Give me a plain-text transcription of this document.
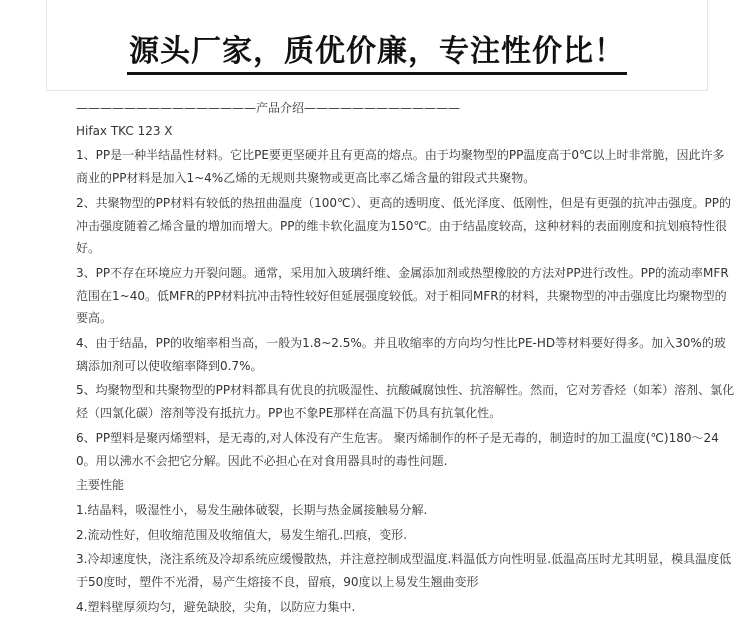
源头厂家，质优价廉，专注性价比！

———————————————产品介绍—————————————

Hifax TKC 123 X

1、PP是一种半结晶性材料。它比PE要更坚硬并且有更高的熔点。由于均聚物型的PP温度高于0℃以上时非常脆，因此许多商业的PP材料是加入1~4%乙烯的无规则共聚物或更高比率乙烯含量的钳段式共聚物。

2、共聚物型的PP材料有较低的热扭曲温度（100℃）、更高的透明度、低光泽度、低刚性，但是有更强的抗冲击强度。PP的冲击强度随着乙烯含量的增加而增大。PP的维卡软化温度为150℃。由于结晶度较高，这种材料的表面刚度和抗划痕特性很好。

3、PP不存在环境应力开裂问题。通常，采用加入玻璃纤维、金属添加剂或热塑橡胶的方法对PP进行改性。PP的流动率MFR范围在1~40。低MFR的PP材料抗冲击特性较好但延展强度较低。对于相同MFR的材料，共聚物型的冲击强度比均聚物型的要高。

4、由于结晶，PP的收缩率相当高，一般为1.8~2.5%。并且收缩率的方向均匀性比PE-HD等材料要好得多。加入30%的玻璃添加剂可以使收缩率降到0.7%。

5、均聚物型和共聚物型的PP材料都具有优良的抗吸湿性、抗酸碱腐蚀性、抗溶解性。然而，它对芳香烃（如苯）溶剂、氯化烃（四氯化碳）溶剂等没有抵抗力。PP也不象PE那样在高温下仍具有抗氧化性。

6、PP塑料是聚丙烯塑料，是无毒的,对人体没有产生危害。 聚丙烯制作的杯子是无毒的，制造时的加工温度(℃)180～240。用以沸水不会把它分解。因此不必担心在对食用器具时的毒性问题.

主要性能

1.结晶料，吸湿性小，易发生融体破裂，长期与热金属接触易分解.

2.流动性好，但收缩范围及收缩值大，易发生缩孔.凹痕，变形.

3.冷却速度快，浇注系统及冷却系统应缓慢散热，并注意控制成型温度.料温低方向性明显.低温高压时尤其明显，模具温度低于50度时，塑件不光滑，易产生熔接不良，留痕，90度以上易发生翘曲变形

4.塑料壁厚须均匀，避免缺胶，尖角，以防应力集中.
